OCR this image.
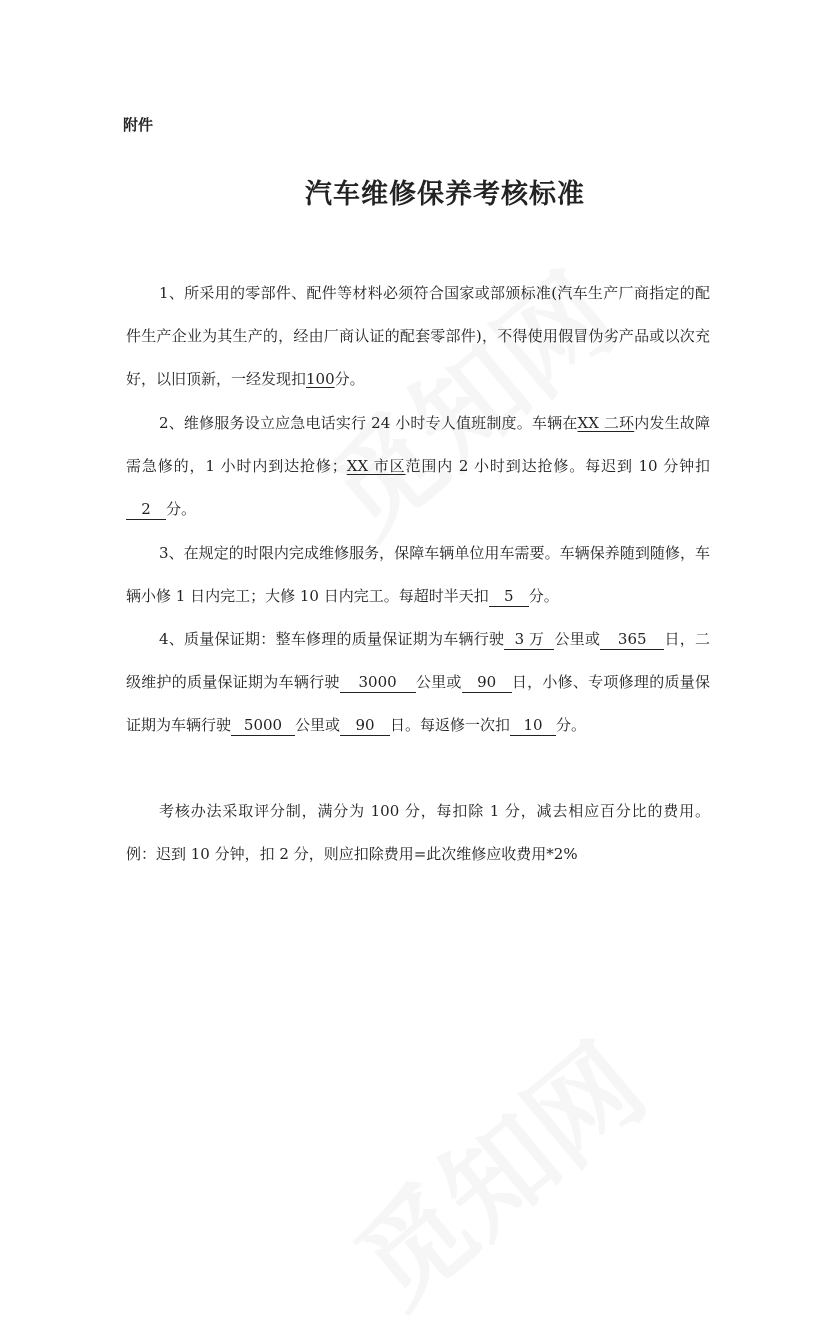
附件

汽车维修保养考核标准

1、所采用的零部件、配件等材料必须符合国家或部颁标准(汽车生产厂商指定的配件生产企业为其生产的，经由厂商认证的配套零部件)，不得使用假冒伪劣产品或以次充好，以旧顶新，一经发现扣100分。

2、维修服务设立应急电话实行 24 小时专人值班制度。车辆在XX 二环内发生故障需急修的，1 小时内到达抢修；XX 市区范围内 2 小时到达抢修。每迟到 10 分钟扣2 分。

3、在规定的时限内完成维修服务，保障车辆单位用车需要。车辆保养随到随修，车辆小修 1 日内完工；大修 10 日内完工。每超时半天扣 5 分。

4、质量保证期：整车修理的质量保证期为车辆行驶 3 万 公里或 365 日，二级维护的质量保证期为车辆行驶 3000 公里或 90 日，小修、专项修理的质量保证期为车辆行驶 5000 公里或 90 日。每返修一次扣 10 分。

考核办法采取评分制，满分为 100 分，每扣除 1 分，减去相应百分比的费用。例：迟到 10 分钟，扣 2 分，则应扣除费用=此次维修应收费用*2%
